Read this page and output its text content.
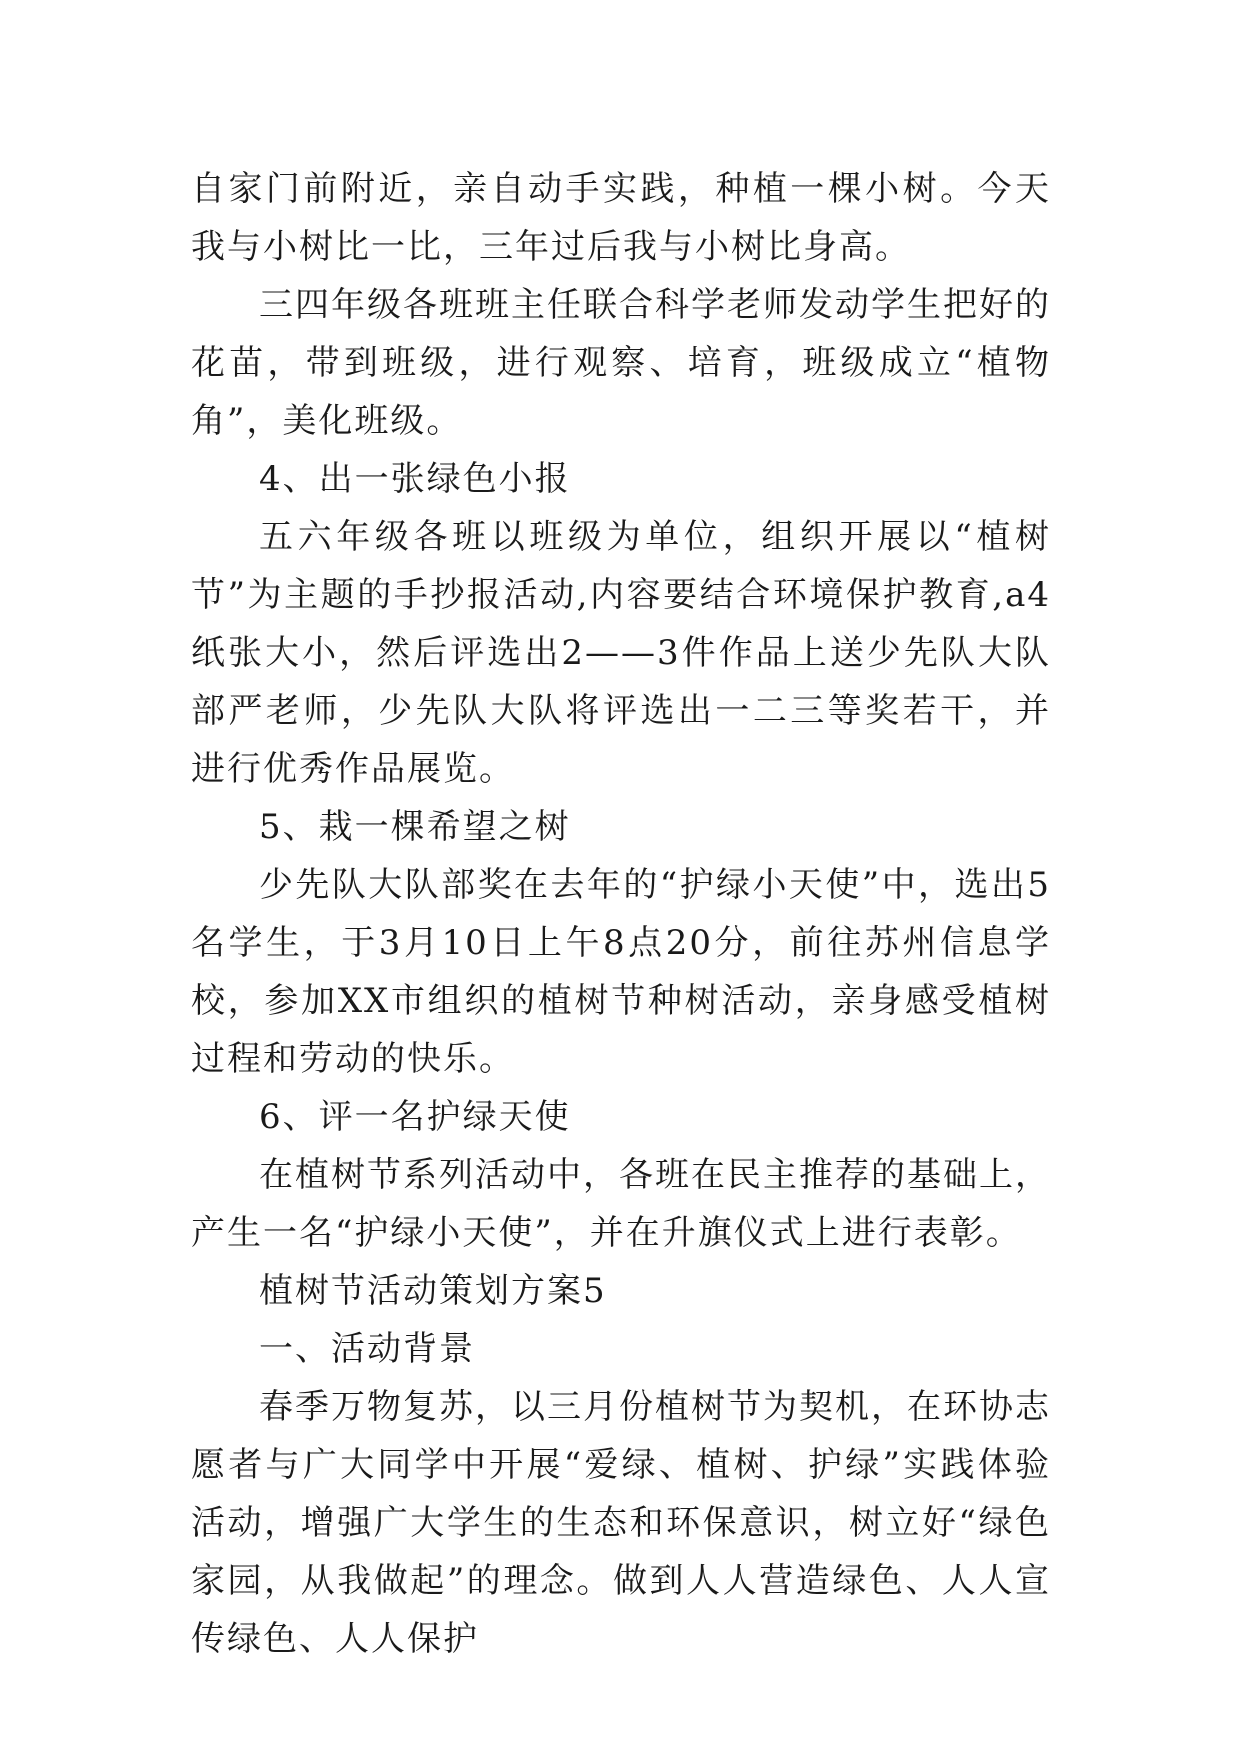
自家门前附近，亲自动手实践，种植一棵小树。今天我与小树比一比，三年过后我与小树比身高。

三四年级各班班主任联合科学老师发动学生把好的花苗，带到班级，进行观察、培育，班级成立“植物角”，美化班级。

4、出一张绿色小报

五六年级各班以班级为单位，组织开展以“植树节”为主题的手抄报活动,内容要结合环境保护教育,a4纸张大小，然后评选出2——3件作品上送少先队大队部严老师，少先队大队将评选出一二三等奖若干，并进行优秀作品展览。

5、栽一棵希望之树

少先队大队部奖在去年的“护绿小天使”中，选出5名学生，于3月10日上午8点20分，前往苏州信息学校，参加XX市组织的植树节种树活动，亲身感受植树过程和劳动的快乐。

6、评一名护绿天使

在植树节系列活动中，各班在民主推荐的基础上，产生一名“护绿小天使”，并在升旗仪式上进行表彰。

植树节活动策划方案5

一、活动背景

春季万物复苏，以三月份植树节为契机，在环协志愿者与广大同学中开展“爱绿、植树、护绿”实践体验活动，增强广大学生的生态和环保意识，树立好“绿色家园，从我做起”的理念。做到人人营造绿色、人人宣传绿色、人人保护
